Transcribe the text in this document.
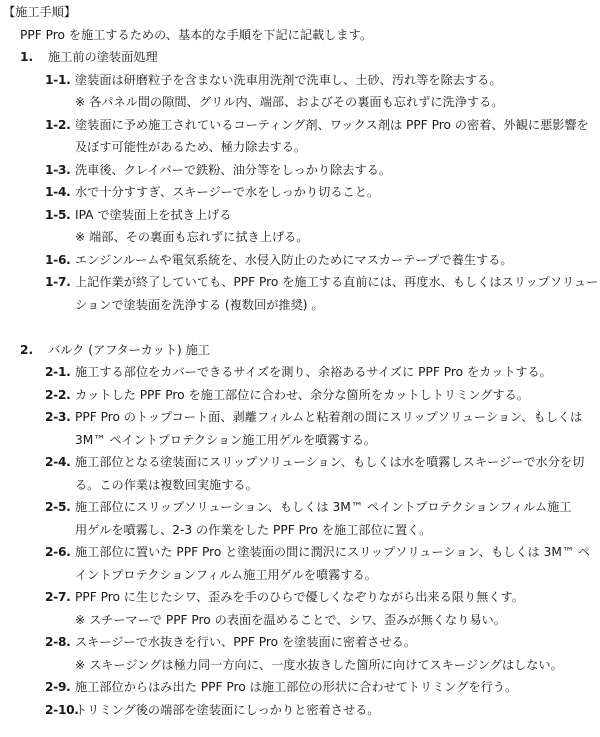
【施工手順】
PPF Pro を施工するための、基本的な手順を下記に記載します。
1. 施工前の塗装面処理
1-1. 塗装面は研磨粒子を含まない洗車用洗剤で洗車し、土砂、汚れ等を除去する。
※ 各パネル間の隙間、グリル内、端部、およびその裏面も忘れずに洗浄する。
1-2. 塗装面に予め施工されているコーティング剤、ワックス剤は PPF Pro の密着、外観に悪影響を
及ぼす可能性があるため、極力除去する。
1-3. 洗車後、クレイバーで鉄粉、油分等をしっかり除去する。
1-4. 水で十分すすぎ、スキージーで水をしっかり切ること。
1-5. IPA で塗装面上を拭き上げる
※ 端部、その裏面も忘れずに拭き上げる。
1-6. エンジンルームや電気系統を、水侵入防止のためにマスカーテープで養生する。
1-7. 上記作業が終了していても、PPF Pro を施工する直前には、再度水、もしくはスリップソリュー
ションで塗装面を洗浄する (複数回が推奨) 。
2. バルク (アフターカット) 施工
2-1. 施工する部位をカバーできるサイズを測り、余裕あるサイズに PPF Pro をカットする。
2-2. カットした PPF Pro を施工部位に合わせ、余分な箇所をカットしトリミングする。
2-3. PPF Pro のトップコート面、剥離フィルムと粘着剤の間にスリップソリューション、もしくは
3M™ ペイントプロテクション施工用ゲルを噴霧する。
2-4. 施工部位となる塗装面にスリップソリューション、もしくは水を噴霧しスキージーで水分を切
る。この作業は複数回実施する。
2-5. 施工部位にスリップソリューション、もしくは 3M™ ペイントプロテクションフィルム施工
用ゲルを噴霧し、2-3 の作業をした PPF Pro を施工部位に置く。
2-6. 施工部位に置いた PPF Pro と塗装面の間に潤沢にスリップソリューション、もしくは 3M™ ペ
イントプロテクションフィルム施工用ゲルを噴霧する。
2-7. PPF Pro に生じたシワ、歪みを手のひらで優しくなぞりながら出来る限り無くす。
※ スチーマーで PPF Pro の表面を温めることで、シワ、歪みが無くなり易い。
2-8. スキージーで水抜きを行い、PPF Pro を塗装面に密着させる。
※ スキージングは極力同一方向に、一度水抜きした箇所に向けてスキージングはしない。
2-9. 施工部位からはみ出た PPF Pro は施工部位の形状に合わせてトリミングを行う。
2-10.トリミング後の端部を塗装面にしっかりと密着させる。
